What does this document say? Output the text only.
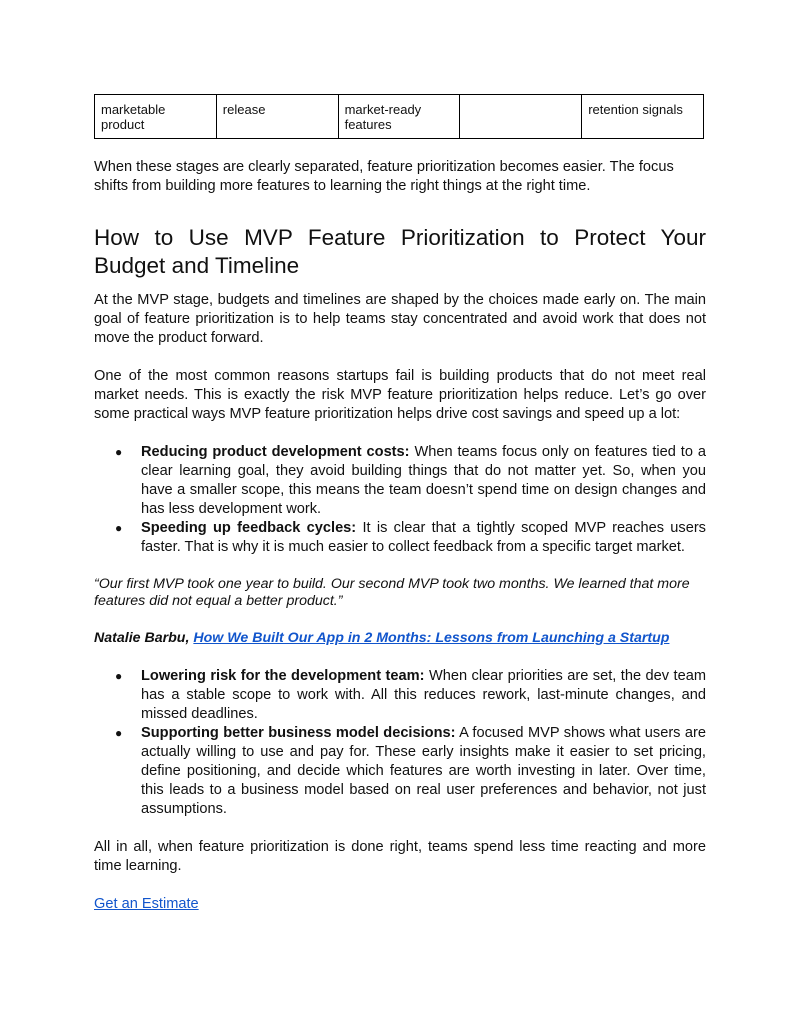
marketable product	release	market-ready features		retention signals

When these stages are clearly separated, feature prioritization becomes easier. The focus shifts from building more features to learning the right things at the right time.

How to Use MVP Feature Prioritization to Protect Your Budget and Timeline

At the MVP stage, budgets and timelines are shaped by the choices made early on. The main goal of feature prioritization is to help teams stay concentrated and avoid work that does not move the product forward.

One of the most common reasons startups fail is building products that do not meet real market needs. This is exactly the risk MVP feature prioritization helps reduce. Let’s go over some practical ways MVP feature prioritization helps drive cost savings and speed up a lot:

● Reducing product development costs: When teams focus only on features tied to a clear learning goal, they avoid building things that do not matter yet. So, when you have a smaller scope, this means the team doesn’t spend time on design changes and has less development work.
● Speeding up feedback cycles: It is clear that a tightly scoped MVP reaches users faster. That is why it is much easier to collect feedback from a specific target market.

“Our first MVP took one year to build. Our second MVP took two months. We learned that more features did not equal a better product.”

Natalie Barbu, How We Built Our App in 2 Months: Lessons from Launching a Startup

● Lowering risk for the development team: When clear priorities are set, the dev team has a stable scope to work with. All this reduces rework, last-minute changes, and missed deadlines.
● Supporting better business model decisions: A focused MVP shows what users are actually willing to use and pay for. These early insights make it easier to set pricing, define positioning, and decide which features are worth investing in later. Over time, this leads to a business model based on real user preferences and behavior, not just assumptions.

All in all, when feature prioritization is done right, teams spend less time reacting and more time learning.

Get an Estimate
